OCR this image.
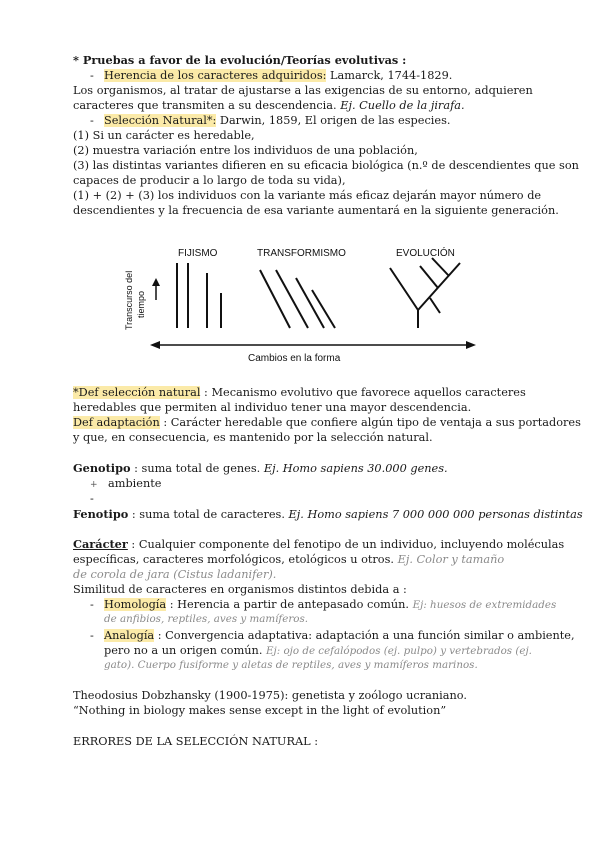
* Pruebas a favor de la evolución/Teorías evolutivas :
- Herencia de los caracteres adquiridos: Lamarck, 1744-1829.
Los organismos, al tratar de ajustarse a las exigencias de su entorno, adquieren
caracteres que transmiten a su descendencia. Ej. Cuello de la jirafa.
- Selección Natural*: Darwin, 1859, El origen de las especies.
(1) Si un carácter es heredable,
(2) muestra variación entre los individuos de una población,
(3) las distintas variantes difieren en su eficacia biológica (n.º de descendientes que son
capaces de producir a lo largo de toda su vida),
(1) + (2) + (3) los individuos con la variante más eficaz dejarán mayor número de
descendientes y la frecuencia de esa variante aumentará en la siguiente generación.
FIJISMO	TRANSFORMISMO	EVOLUCIÓN
Transcurso del tiempo
Cambios en la forma
*Def selección natural : Mecanismo evolutivo que favorece aquellos caracteres
heredables que permiten al individuo tener una mayor descendencia.
Def adaptación : Carácter heredable que confiere algún tipo de ventaja a sus portadores
y que, en consecuencia, es mantenido por la selección natural.
Genotipo : suma total de genes. Ej. Homo sapiens 30.000 genes.
+ ambiente
-
Fenotipo : suma total de caracteres. Ej. Homo sapiens 7 000 000 000 personas distintas
Carácter : Cualquier componente del fenotipo de un individuo, incluyendo moléculas
específicas, caracteres morfológicos, etológicos u otros. Ej. Color y tamaño
de corola de jara (Cistus ladanifer).
Similitud de caracteres en organismos distintos debida a :
- Homología : Herencia a partir de antepasado común. Ej: huesos de extremidades
de anfibios, reptiles, aves y mamíferos.
- Analogía : Convergencia adaptativa: adaptación a una función similar o ambiente,
pero no a un origen común. Ej: ojo de cefalópodos (ej. pulpo) y vertebrados (ej.
gato). Cuerpo fusiforme y aletas de reptiles, aves y mamíferos marinos.
Theodosius Dobzhansky (1900-1975): genetista y zoólogo ucraniano.
“Nothing in biology makes sense except in the light of evolution”
ERRORES DE LA SELECCIÓN NATURAL :
